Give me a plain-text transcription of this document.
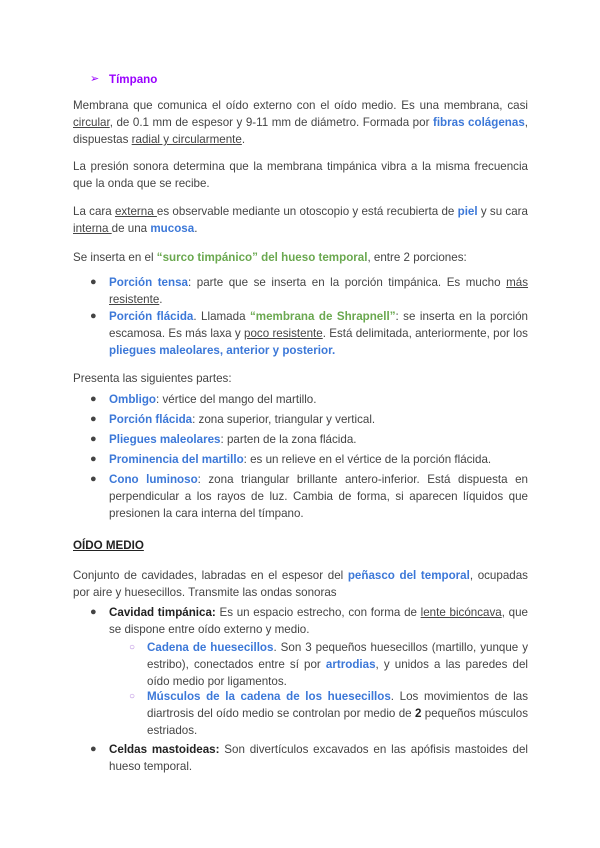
➢ Tímpano

Membrana que comunica el oído externo con el oído medio. Es una membrana, casi circular, de 0.1 mm de espesor y 9-11 mm de diámetro. Formada por fibras colágenas, dispuestas radial y circularmente.

La presión sonora determina que la membrana timpánica vibra a la misma frecuencia que la onda que se recibe.

La cara externa es observable mediante un otoscopio y está recubierta de piel y su cara interna de una mucosa.

Se inserta en el “surco timpánico” del hueso temporal, entre 2 porciones:

● Porción tensa: parte que se inserta en la porción timpánica. Es mucho más resistente.

● Porción flácida. Llamada “membrana de Shrapnell”: se inserta en la porción escamosa. Es más laxa y poco resistente. Está delimitada, anteriormente, por los pliegues maleolares, anterior y posterior.

Presenta las siguientes partes:

● Ombligo: vértice del mango del martillo.

● Porción flácida: zona superior, triangular y vertical.

● Pliegues maleolares: parten de la zona flácida.

● Prominencia del martillo: es un relieve en el vértice de la porción flácida.

● Cono luminoso: zona triangular brillante antero-inferior. Está dispuesta en perpendicular a los rayos de luz. Cambia de forma, si aparecen líquidos que presionen la cara interna del tímpano.

OÍDO MEDIO

Conjunto de cavidades, labradas en el espesor del peñasco del temporal, ocupadas por aire y huesecillos. Transmite las ondas sonoras

● Cavidad timpánica: Es un espacio estrecho, con forma de lente bicóncava, que se dispone entre oído externo y medio.

○ Cadena de huesecillos. Son 3 pequeños huesecillos (martillo, yunque y estribo), conectados entre sí por artrodias, y unidos a las paredes del oído medio por ligamentos.

○ Músculos de la cadena de los huesecillos. Los movimientos de las diartrosis del oído medio se controlan por medio de 2 pequeños músculos estriados.

● Celdas mastoideas: Son divertículos excavados en las apófisis mastoides del hueso temporal.
